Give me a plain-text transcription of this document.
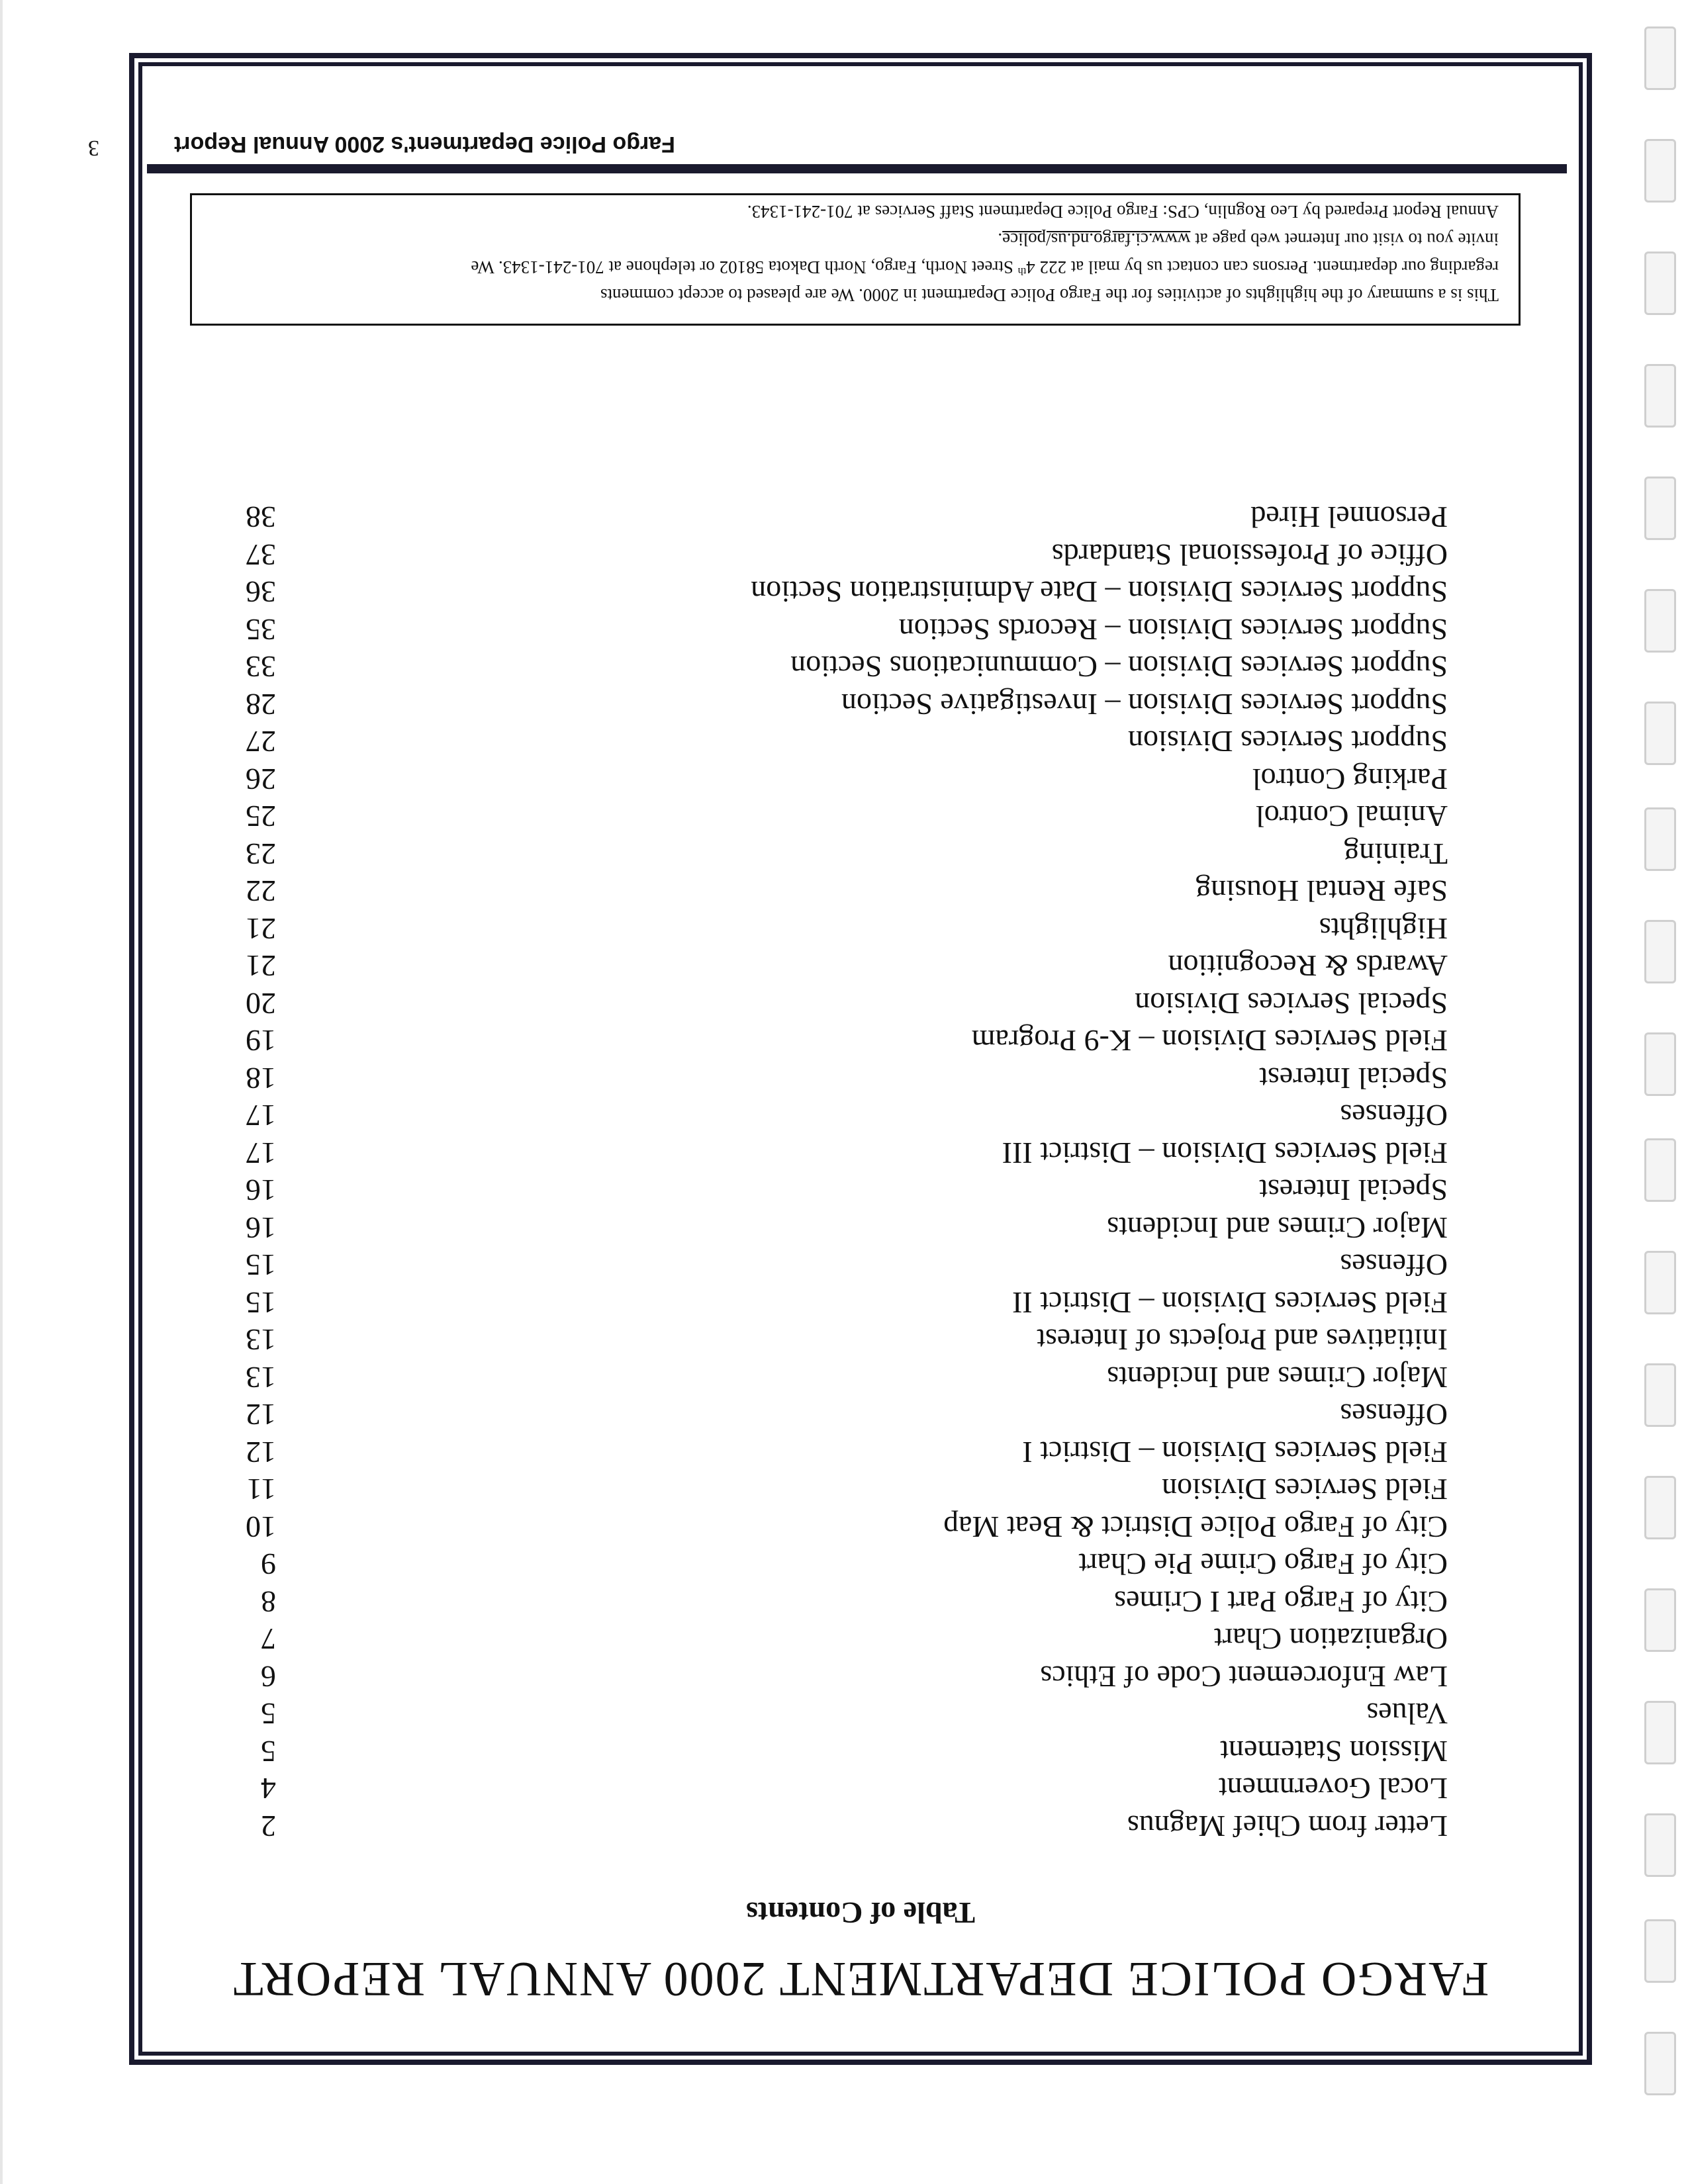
FARGO POLICE DEPARTMENT 2000 ANNUAL REPORT
Table of Contents
Letter from Chief Magnus
2
Local Government
4
Mission Statement
5
Values
5
Law Enforcement Code of Ethics
6
Organization Chart
7
City of Fargo Part I Crimes
8
City of Fargo Crime Pie Chart
9
City of Fargo Police District & Beat Map
10
Field Services Division
11
Field Services Division – District I
12
Offenses
12
Major Crimes and Incidents
13
Initiatives and Projects of Interest
13
Field Services Division – District II
15
Offenses
15
Major Crimes and Incidents
16
Special Interest
16
Field Services Division – District III
17
Offenses
17
Special Interest
18
Field Services Division – K-9 Program
19
Special Services Division
20
Awards & Recognition
21
Highlights
21
Safe Rental Housing
22
Training
23
Animal Control
25
Parking Control
26
Support Services Division
27
Support Services Division – Investigative Section
28
Support Services Division – Communications Section
33
Support Services Division – Records Section
35
Support Services Division – Date Administration Section
36
Office of Professional Standards
37
Personnel Hired
38

This is a summary of the highlights of activities for the Fargo Police Department in 2000. We are pleased to accept comments

regarding our department. Persons can contact us by mail at 222 4th Street North, Fargo, North Dakota 58102 or telephone at 701-241-1343. We

invite you to visit our Internet web page at www.ci.fargo.nd.us/police.

Annual Report Prepared by Leo Rognlin, CPS: Fargo Police Department Staff Services at 701-241-1343.

Fargo Police Department's 2000 Annual Report
3
